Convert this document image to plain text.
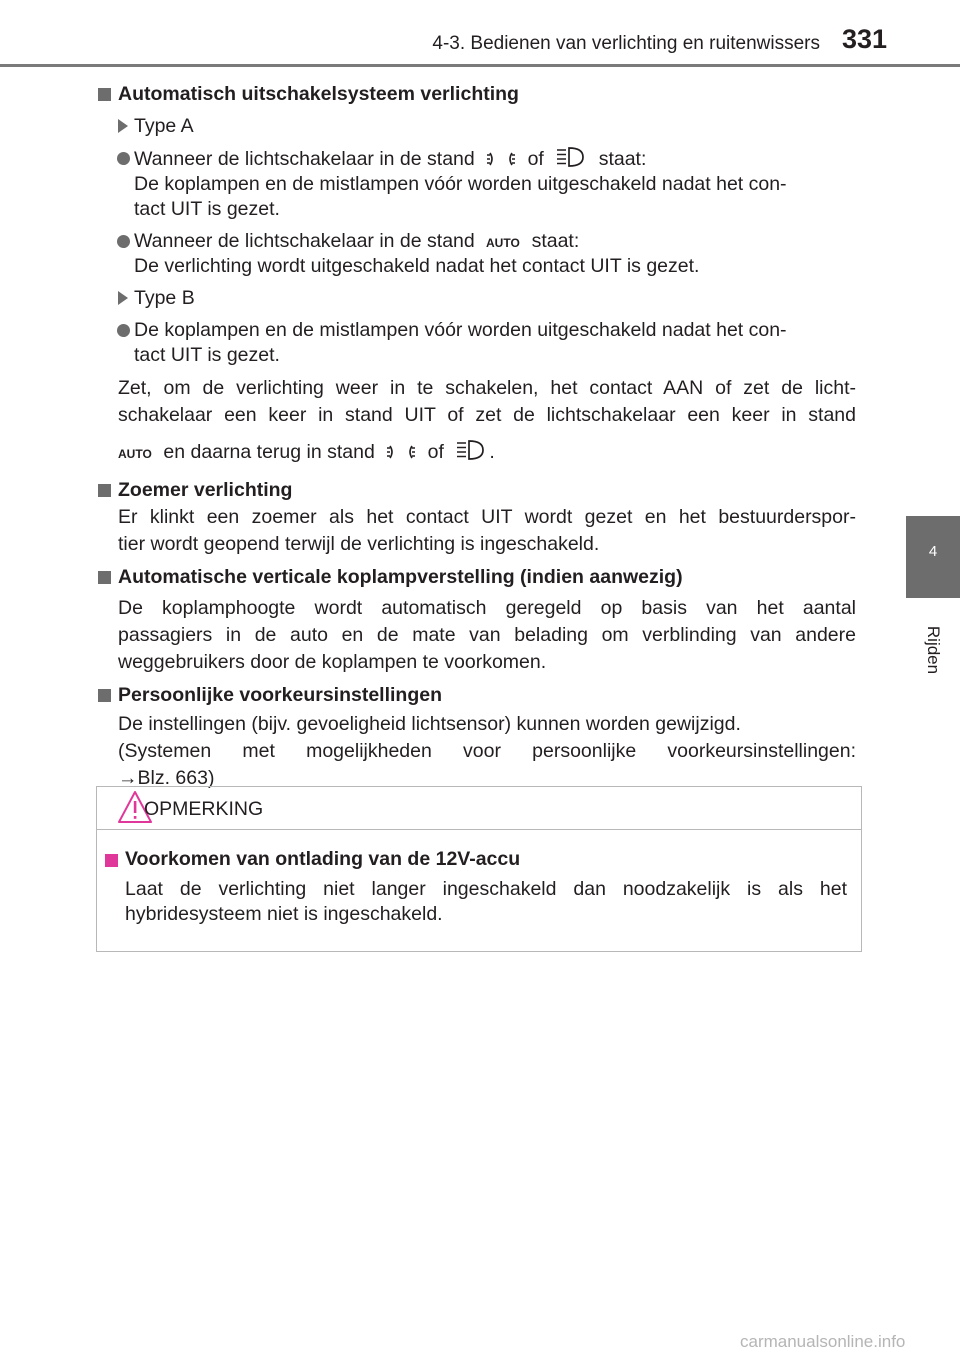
4-3. Bedienen van verlichting en ruitenwissers 331
4
Rijden
Automatisch uitschakelsysteem verlichting
Type A
Wanneer de lichtschakelaar in de stand	of	staat:
De koplampen en de mistlampen vóór worden uitgeschakeld nadat het con-
tact UIT is gezet.
Wanneer de lichtschakelaar in de stand AUTO staat:
De verlichting wordt uitgeschakeld nadat het contact UIT is gezet.
Type B
De koplampen en de mistlampen vóór worden uitgeschakeld nadat het con-
tact UIT is gezet.
Zet, om de verlichting weer in te schakelen, het contact AAN of zet de licht-
schakelaar een keer in stand UIT of zet de lichtschakelaar een keer in stand
AUTO en daarna terug in stand	of .
Zoemer verlichting
Er klinkt een zoemer als het contact UIT wordt gezet en het bestuurderspor-
tier wordt geopend terwijl de verlichting is ingeschakeld.
Automatische verticale koplampverstelling (indien aanwezig)
De koplamphoogte wordt automatisch geregeld op basis van het aantal
passagiers in de auto en de mate van belading om verblinding van andere
weggebruikers door de koplampen te voorkomen.
Persoonlijke voorkeursinstellingen
De instellingen (bijv. gevoeligheid lichtsensor) kunnen worden gewijzigd.
(Systemen met mogelijkheden voor persoonlijke voorkeursinstellingen:
→Blz. 663)
OPMERKING
Voorkomen van ontlading van de 12V-accu
Laat de verlichting niet langer ingeschakeld dan noodzakelijk is als het
hybridesysteem niet is ingeschakeld.
carmanualsonline.info
